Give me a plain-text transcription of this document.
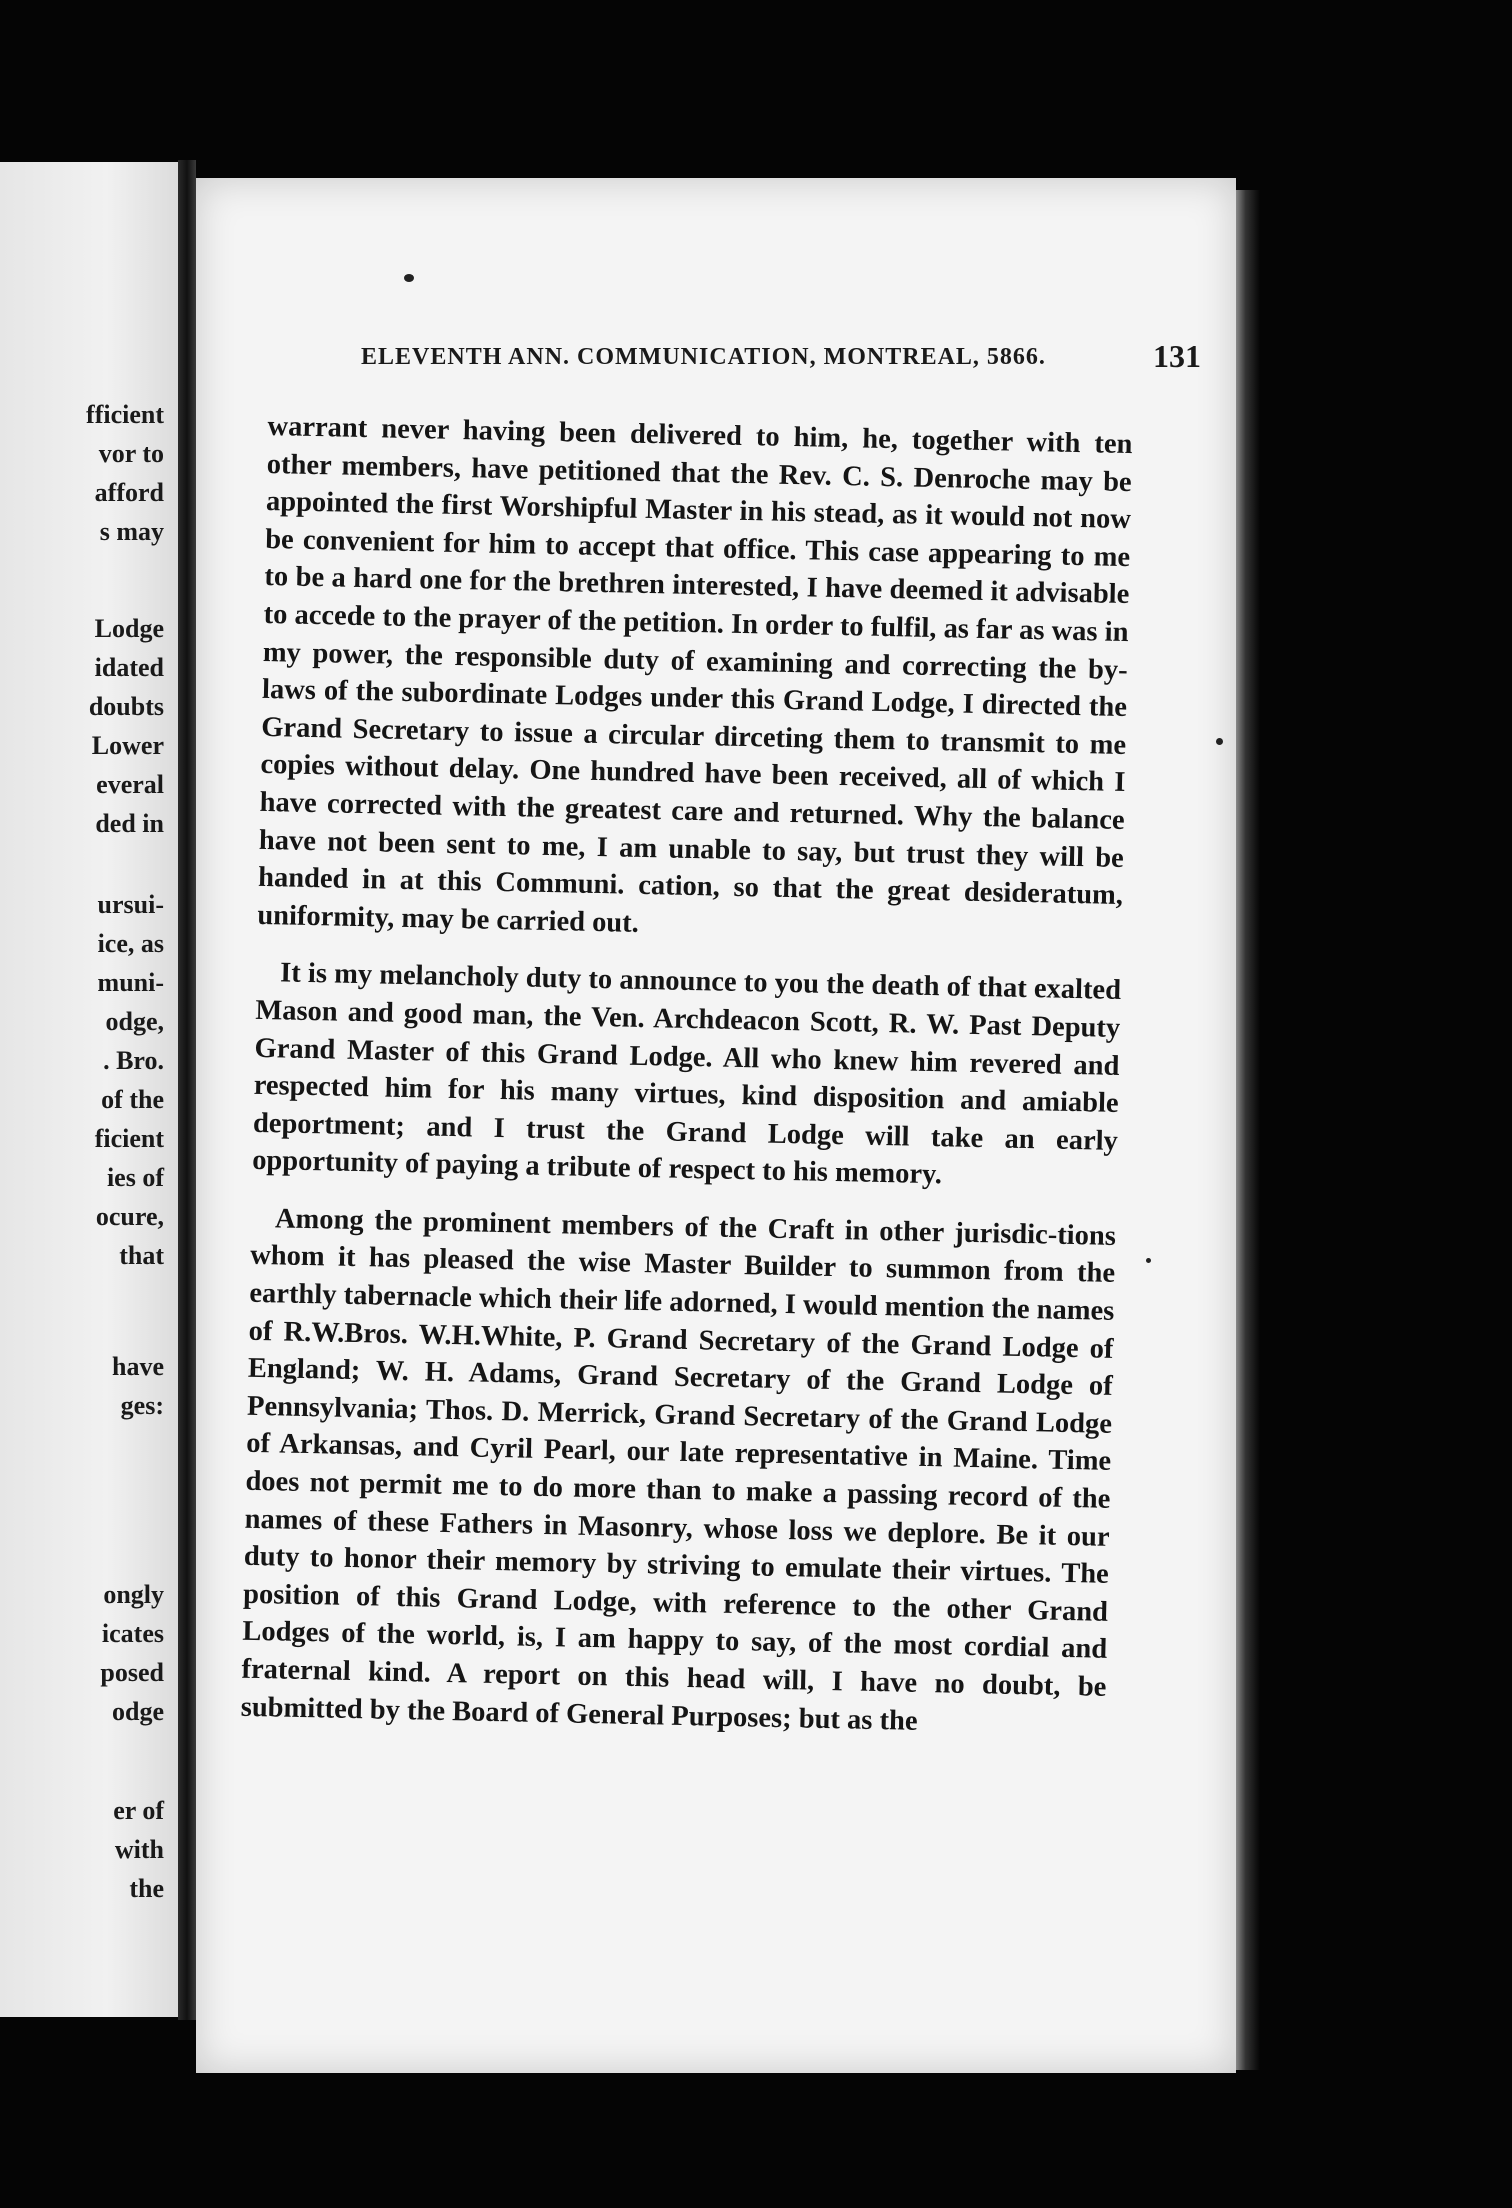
fficient
vor to
afford
s may
Lodge
idated
doubts
Lower
everal
ded in
ursui-
ice, as
muni-
odge,
. Bro.
of the
ficient
ies of
ocure,
that
have
ges:
ongly
icates
posed
odge
er of
with
the
ELEVENTH ANN. COMMUNICATION, MONTREAL, 5866.	131

warrant never having been delivered to him, he, together with ten other members, have petitioned that the Rev. C. S. Denroche may be appointed the first Worshipful Master in his stead, as it would not now be convenient for him to accept that office. This case appearing to me to be a hard one for the brethren interested, I have deemed it advisable to accede to the prayer of the petition. In order to fulfil, as far as was in my power, the responsible duty of examining and correcting the by-laws of the subordinate Lodges under this Grand Lodge, I directed the Grand Secretary to issue a circular dirceting them to transmit to me copies without delay. One hundred have been received, all of which I have corrected with the greatest care and returned. Why the balance have not been sent to me, I am unable to say, but trust they will be handed in at this Communi. cation, so that the great desideratum, uniformity, may be carried out.

It is my melancholy duty to announce to you the death of that exalted Mason and good man, the Ven. Archdeacon Scott, R. W. Past Deputy Grand Master of this Grand Lodge. All who knew him revered and respected him for his many virtues, kind disposition and amiable deportment; and I trust the Grand Lodge will take an early opportunity of paying a tribute of respect to his memory.

Among the prominent members of the Craft in other jurisdic-tions whom it has pleased the wise Master Builder to summon from the earthly tabernacle which their life adorned, I would mention the names of R.W.Bros. W.H.White, P. Grand Secretary of the Grand Lodge of England; W. H. Adams, Grand Secretary of the Grand Lodge of Pennsylvania; Thos. D. Merrick, Grand Secretary of the Grand Lodge of Arkansas, and Cyril Pearl, our late representative in Maine. Time does not permit me to do more than to make a passing record of the names of these Fathers in Masonry, whose loss we deplore. Be it our duty to honor their memory by striving to emulate their virtues. The position of this Grand Lodge, with reference to the other Grand Lodges of the world, is, I am happy to say, of the most cordial and fraternal kind. A report on this head will, I have no doubt, be submitted by the Board of General Purposes; but as the
